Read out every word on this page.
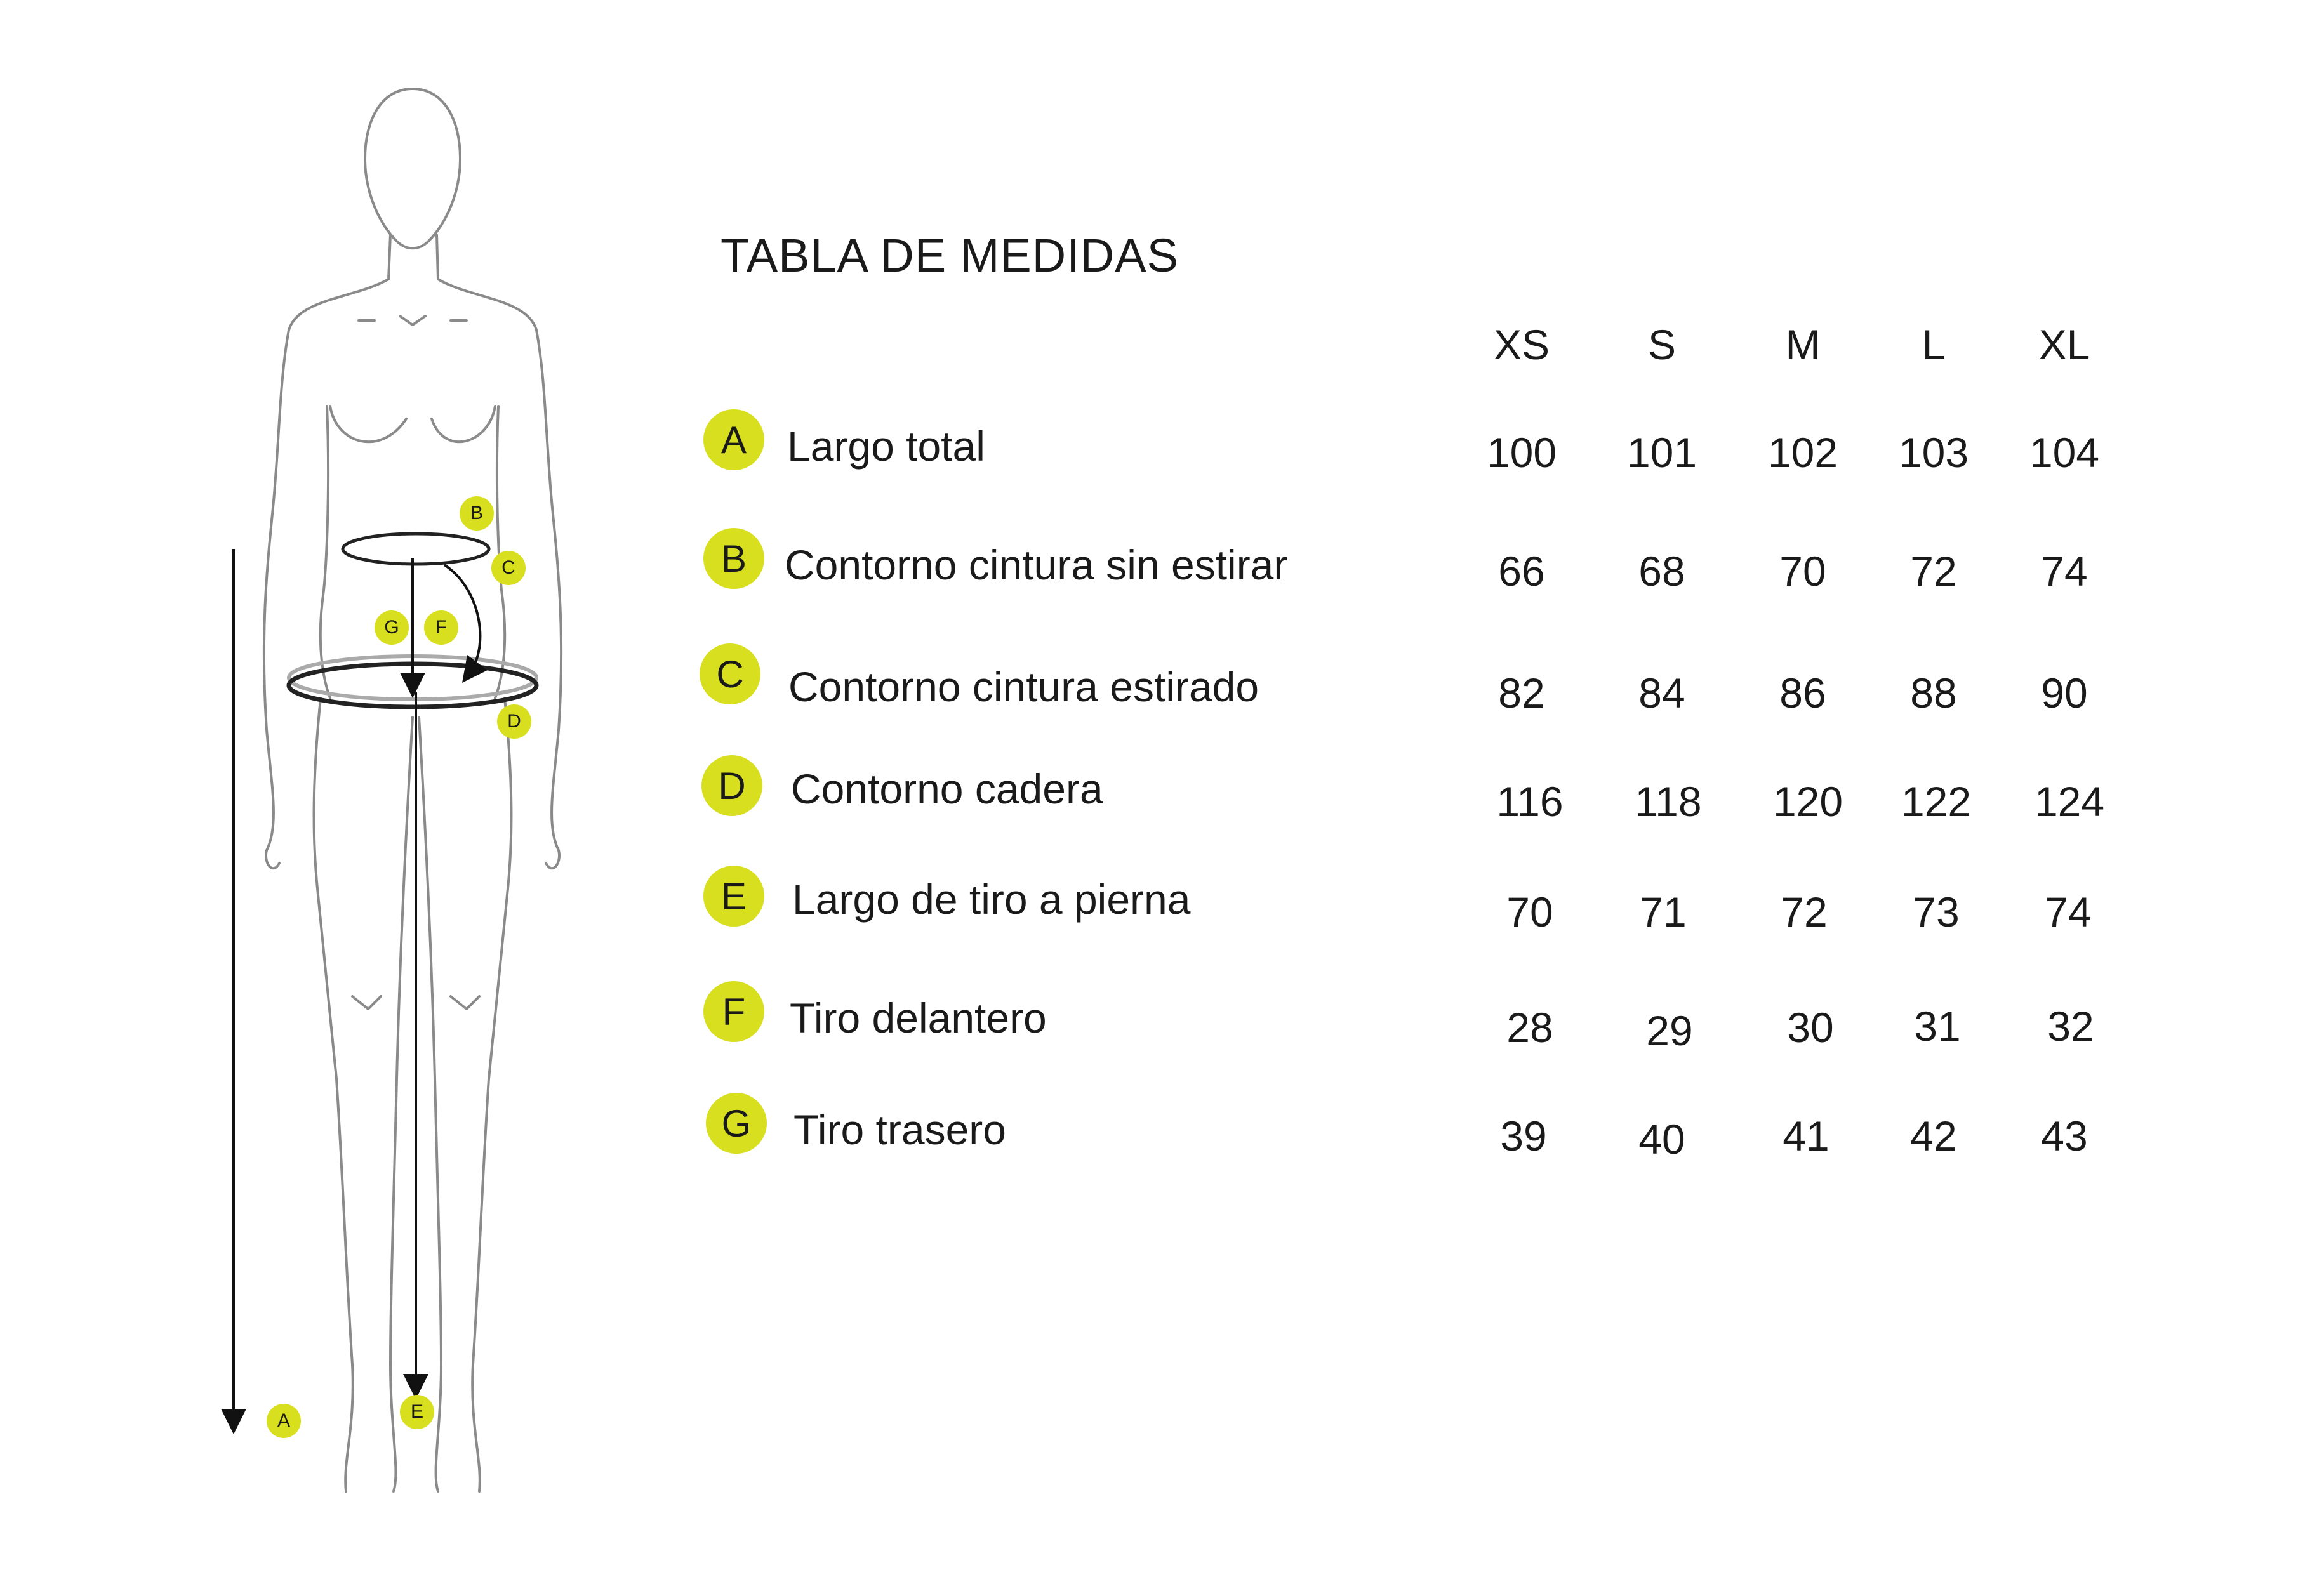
A
B
C
D
E
F
G
TABLA DE MEDIDAS
XS	S	M	L	XL
A Largo total	100	101	102	103	104
B Contorno cintura sin estirar	66	68	70	72	74
C	Contorno cintura estirado	82	84	86	88	90
D	Contorno cadera	116	118	120	122	124
E	Largo de tiro a pierna	70	71	72	73	74
F	Tiro delantero	28	29	30	31	32
G	Tiro trasero	39	40	41	42	43
